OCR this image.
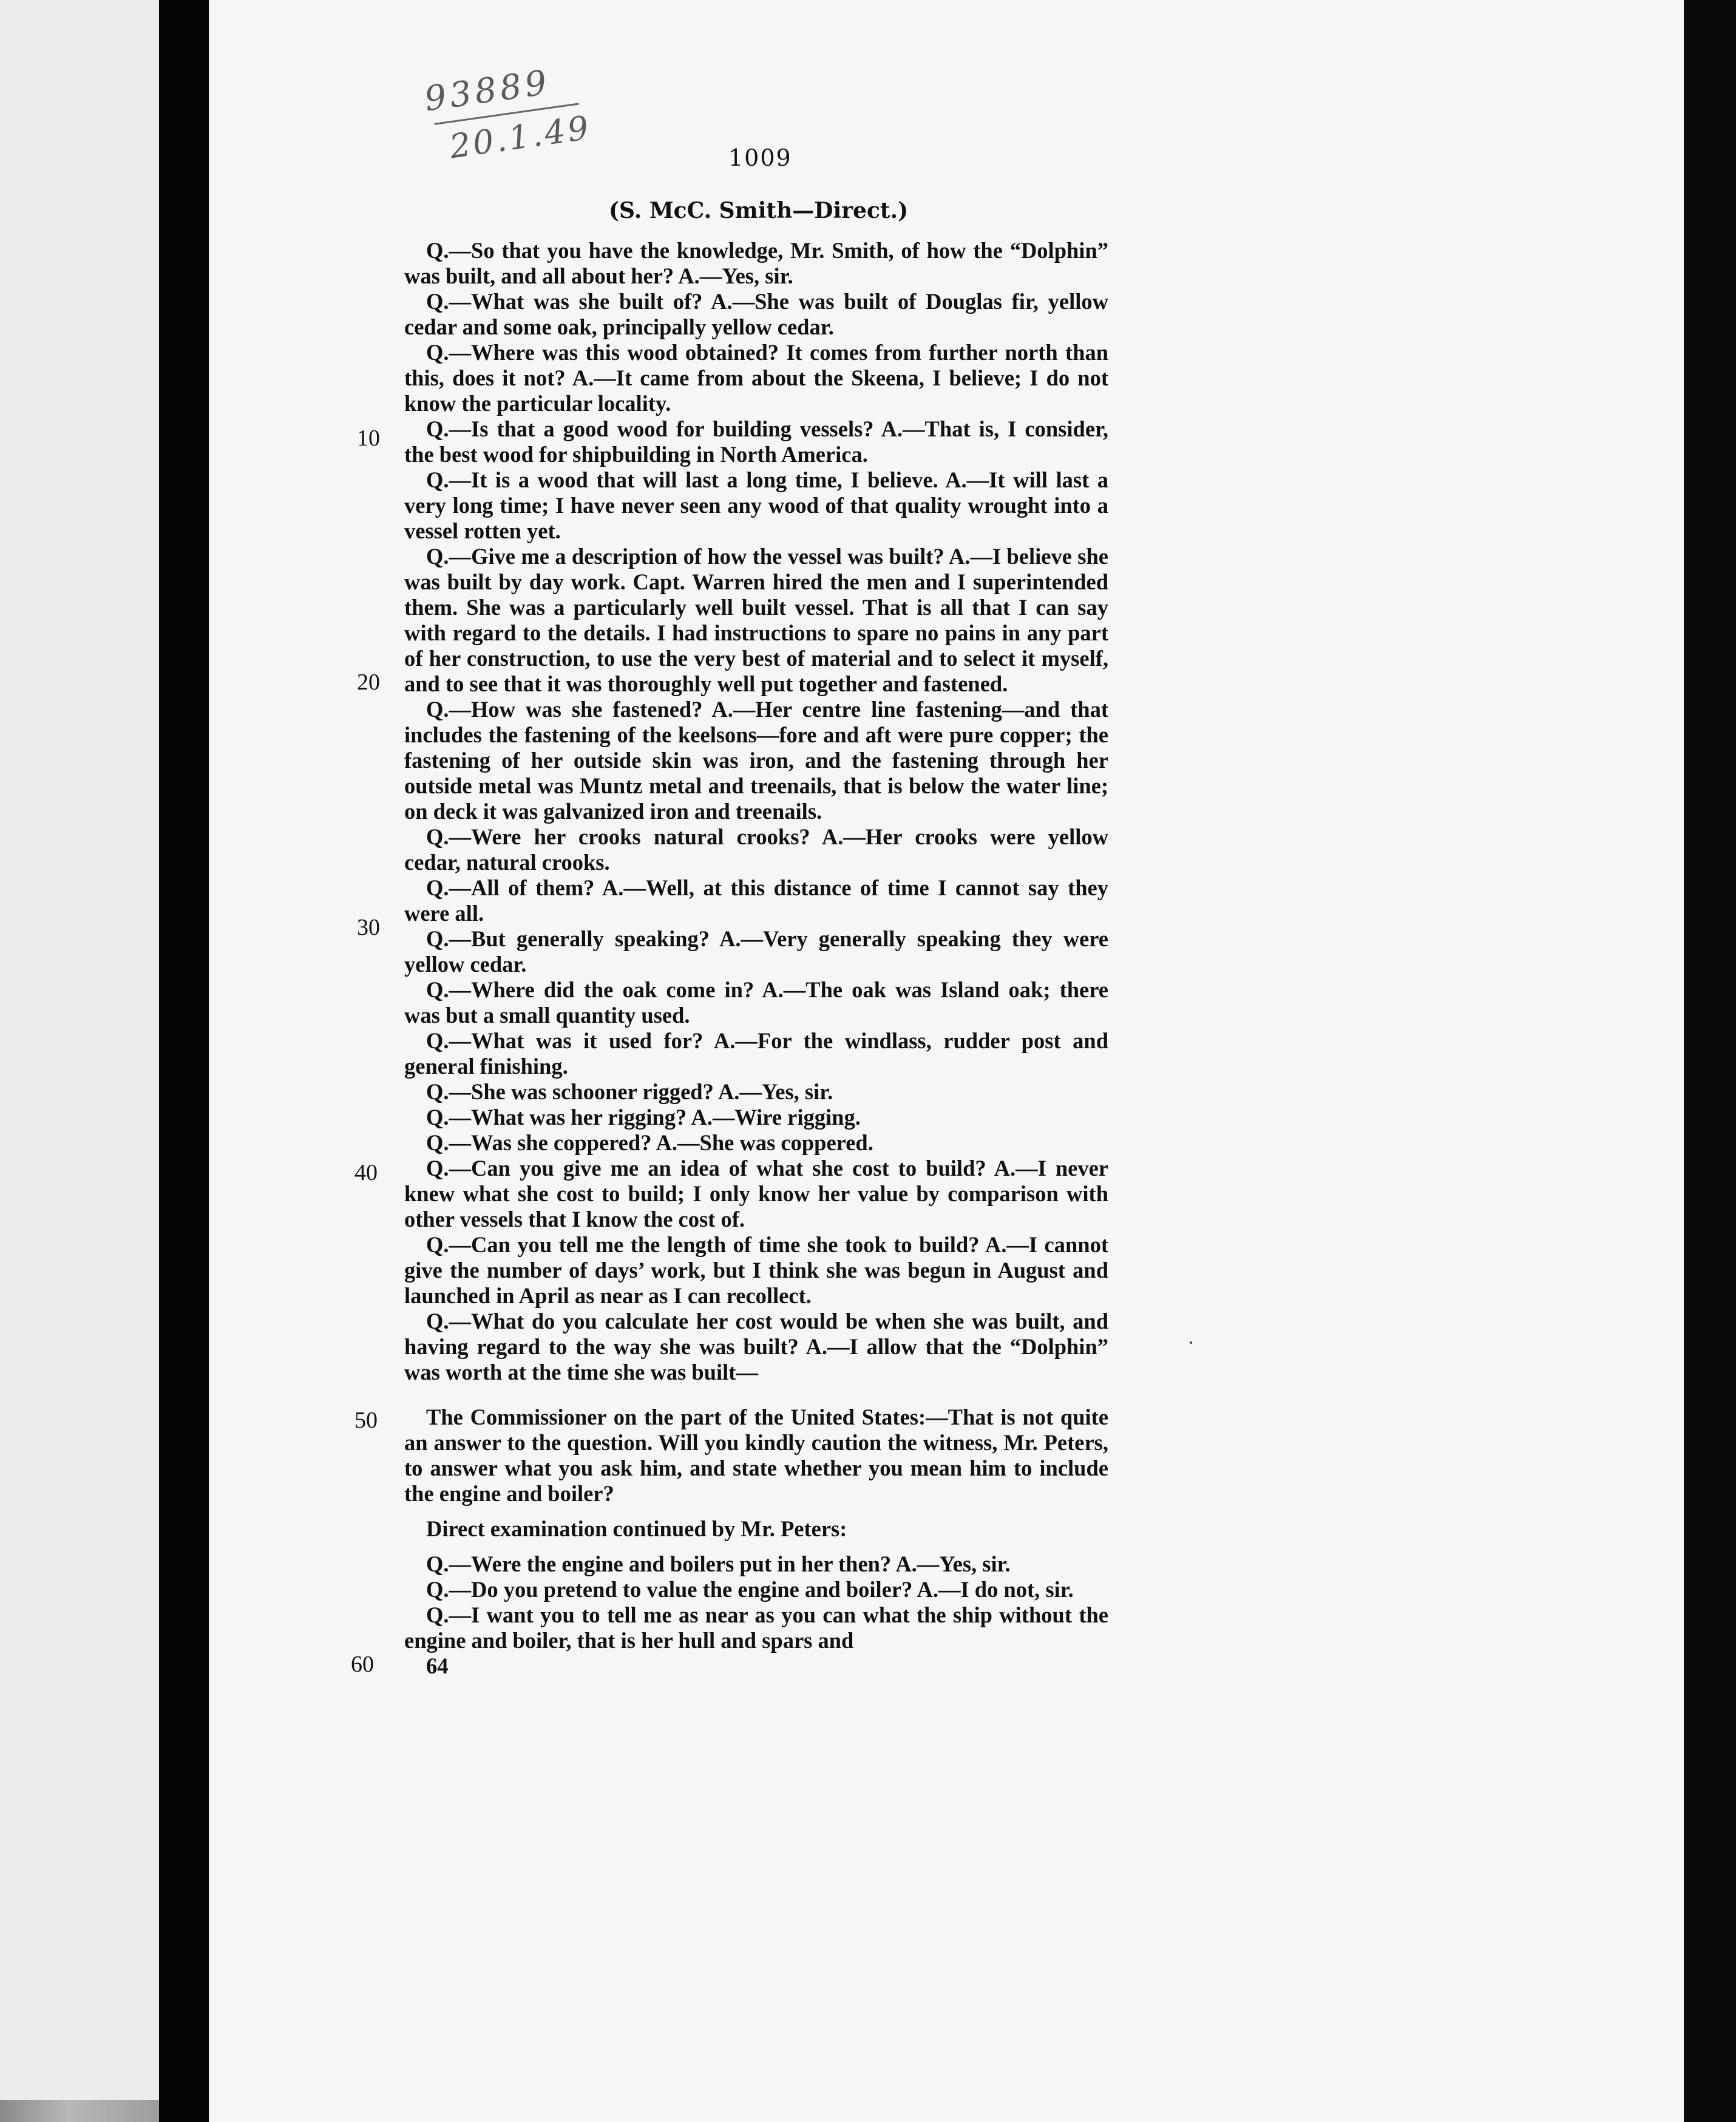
93889
20.1.49	1009
(S. McC. Smith—Direct.)
10
20
30
40
50
60

Q.—So that you have the knowledge, Mr. Smith, of how the “Dolphin” was built, and all about her? A.—Yes, sir.

Q.—What was she built of? A.—She was built of Douglas fir, yellow cedar and some oak, principally yellow cedar.

Q.—Where was this wood obtained? It comes from further north than this, does it not? A.—It came from about the Skeena, I believe; I do not know the particular locality.

Q.—Is that a good wood for building vessels? A.—That is, I consider, the best wood for shipbuilding in North America.

Q.—It is a wood that will last a long time, I believe. A.—It will last a very long time; I have never seen any wood of that quality wrought into a vessel rotten yet.

Q.—Give me a description of how the vessel was built? A.—I believe she was built by day work. Capt. Warren hired the men and I superintended them. She was a particularly well built vessel. That is all that I can say with regard to the details. I had instructions to spare no pains in any part of her construction, to use the very best of material and to select it myself, and to see that it was thoroughly well put together and fastened.

Q.—How was she fastened? A.—Her centre line fastening—and that includes the fastening of the keelsons—fore and aft were pure copper; the fastening of her outside skin was iron, and the fastening through her outside metal was Muntz metal and treenails, that is below the water line; on deck it was galvanized iron and treenails.

Q.—Were her crooks natural crooks? A.—Her crooks were yellow cedar, natural crooks.

Q.—All of them? A.—Well, at this distance of time I cannot say they were all.

Q.—But generally speaking? A.—Very generally speaking they were yellow cedar.

Q.—Where did the oak come in? A.—The oak was Island oak; there was but a small quantity used.

Q.—What was it used for? A.—For the windlass, rudder post and general finishing.

Q.—She was schooner rigged? A.—Yes, sir.

Q.—What was her rigging? A.—Wire rigging.

Q.—Was she coppered? A.—She was coppered.

Q.—Can you give me an idea of what she cost to build? A.—I never knew what she cost to build; I only know her value by comparison with other vessels that I know the cost of.

Q.—Can you tell me the length of time she took to build? A.—I cannot give the number of days’ work, but I think she was begun in August and launched in April as near as I can recollect.

Q.—What do you calculate her cost would be when she was built, and having regard to the way she was built? A.—I allow that the “Dolphin” was worth at the time she was built—

The Commissioner on the part of the United States:—That is not quite an answer to the question. Will you kindly caution the witness, Mr. Peters, to answer what you ask him, and state whether you mean him to include the engine and boiler?

Direct examination continued by Mr. Peters:

Q.—Were the engine and boilers put in her then? A.—Yes, sir.

Q.—Do you pretend to value the engine and boiler? A.—I do not, sir.

Q.—I want you to tell me as near as you can what the ship without the engine and boiler, that is her hull and spars and

64
